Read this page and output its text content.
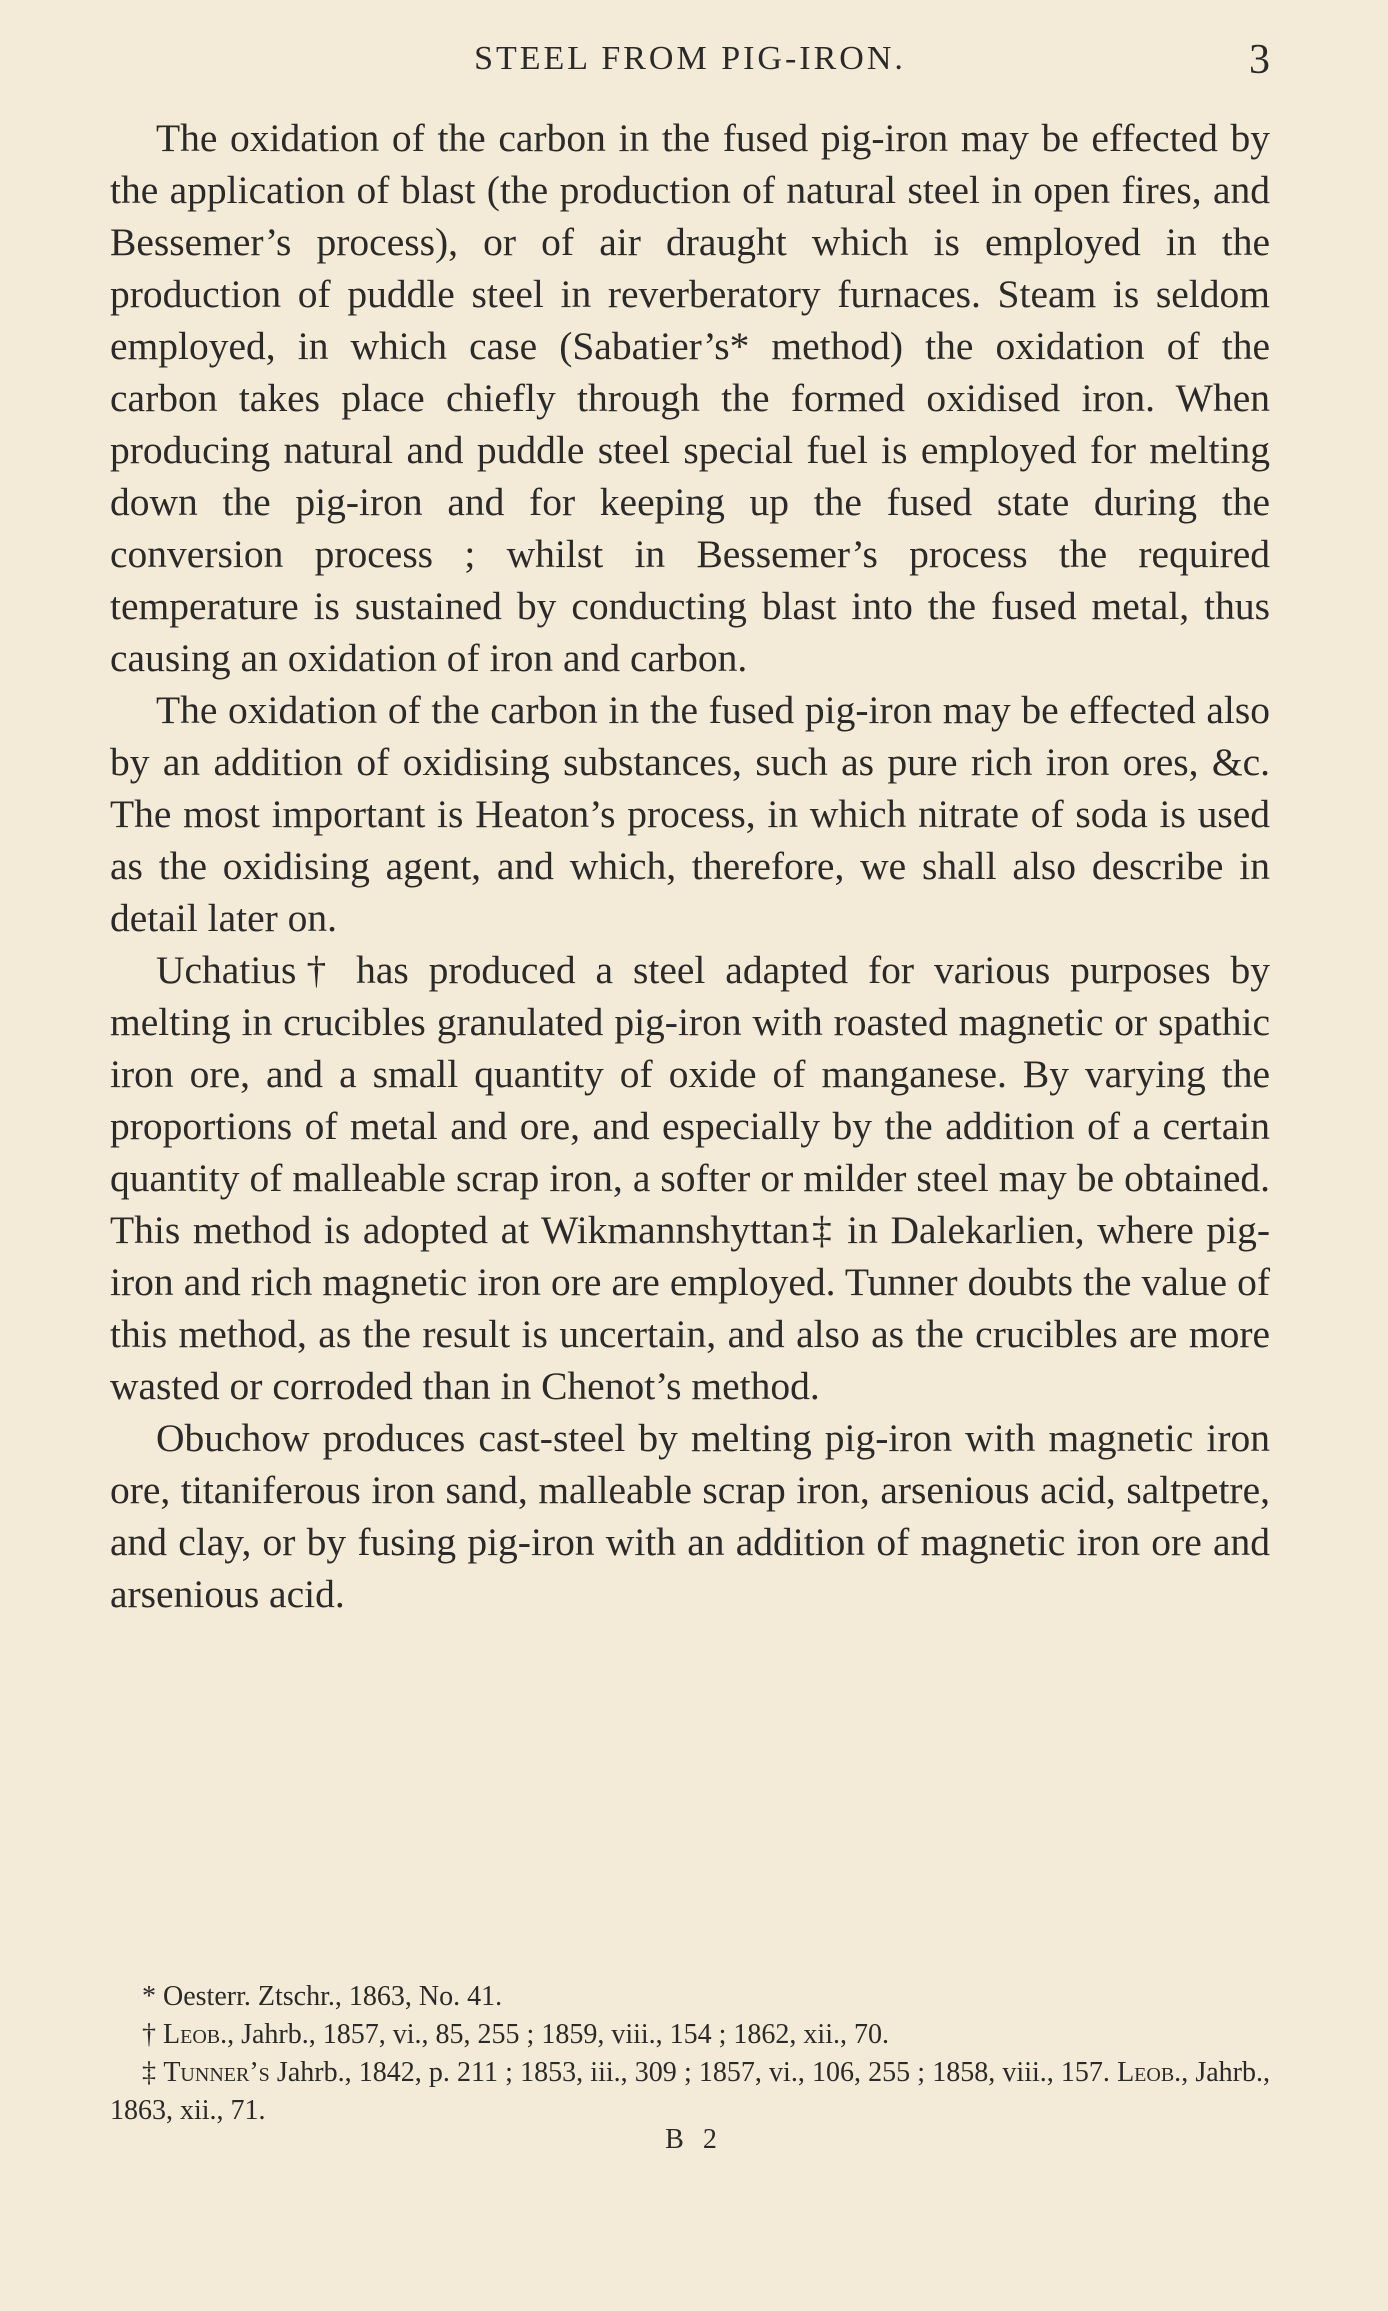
STEEL FROM PIG-IRON.	3

The oxidation of the carbon in the fused pig-iron may be effected by the application of blast (the production of natural steel in open fires, and Bessemer’s process), or of air draught which is employed in the production of puddle steel in reverberatory furnaces. Steam is seldom employed, in which case (Sabatier’s* method) the oxidation of the carbon takes place chiefly through the formed oxidised iron. When producing natural and puddle steel special fuel is employed for melting down the pig-iron and for keeping up the fused state during the conversion process ; whilst in Bessemer’s process the required temperature is sustained by conducting blast into the fused metal, thus causing an oxidation of iron and carbon.

The oxidation of the carbon in the fused pig-iron may be effected also by an addition of oxidising substances, such as pure rich iron ores, &c. The most important is Heaton’s process, in which nitrate of soda is used as the oxidising agent, and which, therefore, we shall also describe in detail later on.

Uchatius† has produced a steel adapted for various purposes by melting in crucibles granulated pig-iron with roasted magnetic or spathic iron ore, and a small quantity of oxide of manganese. By varying the proportions of metal and ore, and especially by the addition of a certain quantity of malleable scrap iron, a softer or milder steel may be obtained. This method is adopted at Wikmannshyttan‡ in Dalekarlien, where pig-iron and rich magnetic iron ore are employed. Tunner doubts the value of this method, as the result is uncertain, and also as the crucibles are more wasted or corroded than in Chenot’s method.

Obuchow produces cast-steel by melting pig-iron with magnetic iron ore, titaniferous iron sand, malleable scrap iron, arsenious acid, saltpetre, and clay, or by fusing pig-iron with an addition of magnetic iron ore and arsenious acid.

* Oesterr. Ztschr., 1863, No. 41.

† Leob., Jahrb., 1857, vi., 85, 255 ; 1859, viii., 154 ; 1862, xii., 70.

‡ Tunner’s Jahrb., 1842, p. 211 ; 1853, iii., 309 ; 1857, vi., 106, 255 ; 1858, viii., 157. Leob., Jahrb., 1863, xii., 71.

B 2
